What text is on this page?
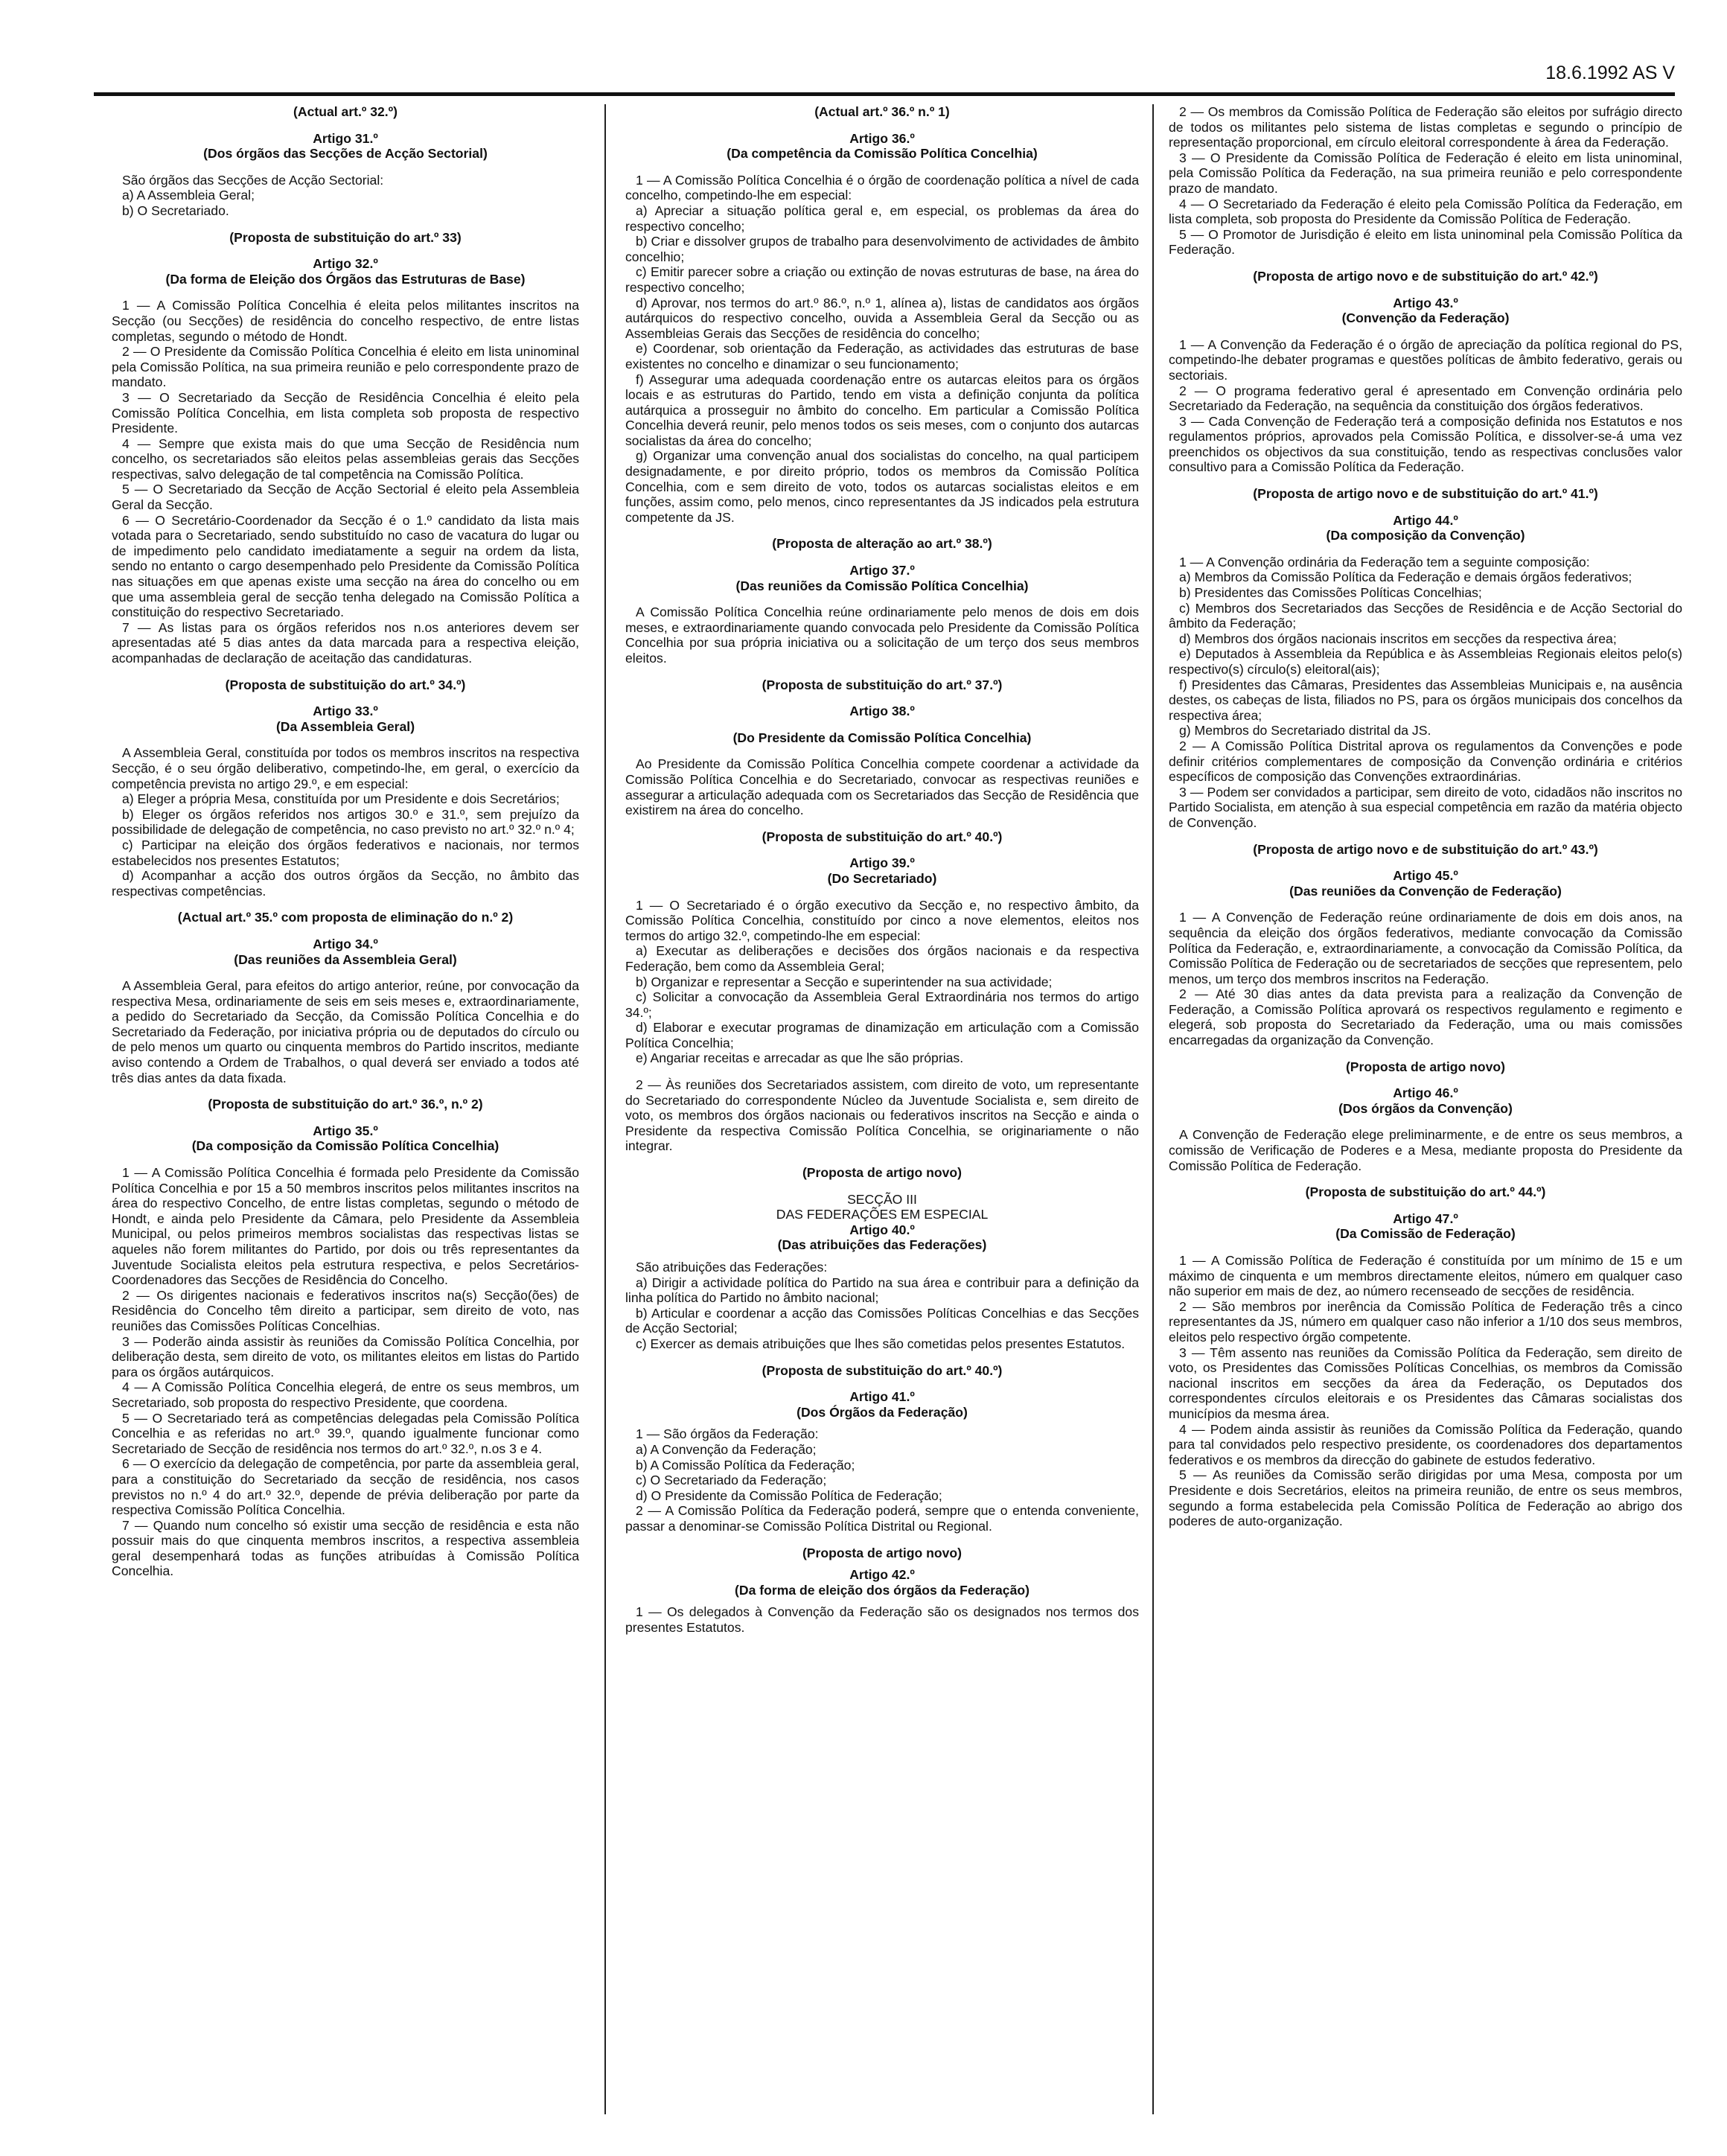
18.6.1992 AS V

(Actual art.º 32.º)

Artigo 31.º

(Dos órgãos das Secções de Acção Sectorial)

São órgãos das Secções de Acção Sectorial:

a) A Assembleia Geral;

b) O Secretariado.

(Proposta de substituição do art.º 33)

Artigo 32.º

(Da forma de Eleição dos Órgãos das Estruturas de Base)

1 — A Comissão Política Concelhia é eleita pelos militantes inscritos na Secção (ou Secções) de residência do concelho respectivo, de entre listas completas, segundo o método de Hondt.

2 — O Presidente da Comissão Política Concelhia é eleito em lista uninominal pela Comissão Política, na sua primeira reunião e pelo correspondente prazo de mandato.

3 — O Secretariado da Secção de Residência Concelhia é eleito pela Comissão Política Concelhia, em lista completa sob proposta de respectivo Presidente.

4 — Sempre que exista mais do que uma Secção de Residência num concelho, os secretariados são eleitos pelas assembleias gerais das Secções respectivas, salvo delegação de tal competência na Comissão Política.

5 — O Secretariado da Secção de Acção Sectorial é eleito pela Assembleia Geral da Secção.

6 — O Secretário-Coordenador da Secção é o 1.º candidato da lista mais votada para o Secretariado, sendo substituído no caso de vacatura do lugar ou de impedimento pelo candidato imediatamente a seguir na ordem da lista, sendo no entanto o cargo desempenhado pelo Presidente da Comissão Política nas situações em que apenas existe uma secção na área do concelho ou em que uma assembleia geral de secção tenha delegado na Comissão Política a constituição do respectivo Secretariado.

7 — As listas para os órgãos referidos nos n.os anteriores devem ser apresentadas até 5 dias antes da data marcada para a respectiva eleição, acompanhadas de declaração de aceitação das candidaturas.

(Proposta de substituição do art.º 34.º)

Artigo 33.º

(Da Assembleia Geral)

A Assembleia Geral, constituída por todos os membros inscritos na respectiva Secção, é o seu órgão deliberativo, competindo-lhe, em geral, o exercício da competência prevista no artigo 29.º, e em especial:

a) Eleger a própria Mesa, constituída por um Presidente e dois Secretários;

b) Eleger os órgãos referidos nos artigos 30.º e 31.º, sem prejuízo da possibilidade de delegação de competência, no caso previsto no art.º 32.º n.º 4;

c) Participar na eleição dos órgãos federativos e nacionais, nor termos estabelecidos nos presentes Estatutos;

d) Acompanhar a acção dos outros órgãos da Secção, no âmbito das respectivas competências.

(Actual art.º 35.º com proposta de eliminação do n.º 2)

Artigo 34.º

(Das reuniões da Assembleia Geral)

A Assembleia Geral, para efeitos do artigo anterior, reúne, por convocação da respectiva Mesa, ordinariamente de seis em seis meses e, extraordinariamente, a pedido do Secretariado da Secção, da Comissão Política Concelhia e do Secretariado da Federação, por iniciativa própria ou de deputados do círculo ou de pelo menos um quarto ou cinquenta membros do Partido inscritos, mediante aviso contendo a Ordem de Trabalhos, o qual deverá ser enviado a todos até três dias antes da data fixada.

(Proposta de substituição do art.º 36.º, n.º 2)

Artigo 35.º

(Da composição da Comissão Política Concelhia)

1 — A Comissão Política Concelhia é formada pelo Presidente da Comissão Política Concelhia e por 15 a 50 membros inscritos pelos militantes inscritos na área do respectivo Concelho, de entre listas completas, segundo o método de Hondt, e ainda pelo Presidente da Câmara, pelo Presidente da Assembleia Municipal, ou pelos primeiros membros socialistas das respectivas listas se aqueles não forem militantes do Partido, por dois ou três representantes da Juventude Socialista eleitos pela estrutura respectiva, e pelos Secretários-Coordenadores das Secções de Residência do Concelho.

2 — Os dirigentes nacionais e federativos inscritos na(s) Secção(ões) de Residência do Concelho têm direito a participar, sem direito de voto, nas reuniões das Comissões Políticas Concelhias.

3 — Poderão ainda assistir às reuniões da Comissão Política Concelhia, por deliberação desta, sem direito de voto, os militantes eleitos em listas do Partido para os órgãos autárquicos.

4 — A Comissão Política Concelhia elegerá, de entre os seus membros, um Secretariado, sob proposta do respectivo Presidente, que coordena.

5 — O Secretariado terá as competências delegadas pela Comissão Política Concelhia e as referidas no art.º 39.º, quando igualmente funcionar como Secretariado de Secção de residência nos termos do art.º 32.º, n.os 3 e 4.

6 — O exercício da delegação de competência, por parte da assembleia geral, para a constituição do Secretariado da secção de residência, nos casos previstos no n.º 4 do art.º 32.º, depende de prévia deliberação por parte da respectiva Comissão Política Concelhia.

7 — Quando num concelho só existir uma secção de residência e esta não possuir mais do que cinquenta membros inscritos, a respectiva assembleia geral desempenhará todas as funções atribuídas à Comissão Política Concelhia.

(Actual art.º 36.º n.º 1)

Artigo 36.º

(Da competência da Comissão Política Concelhia)

1 — A Comissão Política Concelhia é o órgão de coordenação política a nível de cada concelho, competindo-lhe em especial:

a) Apreciar a situação política geral e, em especial, os problemas da área do respectivo concelho;

b) Criar e dissolver grupos de trabalho para desenvolvimento de actividades de âmbito concelhio;

c) Emitir parecer sobre a criação ou extinção de novas estruturas de base, na área do respectivo concelho;

d) Aprovar, nos termos do art.º 86.º, n.º 1, alínea a), listas de candidatos aos órgãos autárquicos do respectivo concelho, ouvida a Assembleia Geral da Secção ou as Assembleias Gerais das Secções de residência do concelho;

e) Coordenar, sob orientação da Federação, as actividades das estruturas de base existentes no concelho e dinamizar o seu funcionamento;

f) Assegurar uma adequada coordenação entre os autarcas eleitos para os órgãos locais e as estruturas do Partido, tendo em vista a definição conjunta da política autárquica a prosseguir no âmbito do concelho. Em particular a Comissão Política Concelhia deverá reunir, pelo menos todos os seis meses, com o conjunto dos autarcas socialistas da área do concelho;

g) Organizar uma convenção anual dos socialistas do concelho, na qual participem designadamente, e por direito próprio, todos os membros da Comissão Política Concelhia, com e sem direito de voto, todos os autarcas socialistas eleitos e em funções, assim como, pelo menos, cinco representantes da JS indicados pela estrutura competente da JS.

(Proposta de alteração ao art.º 38.º)

Artigo 37.º

(Das reuniões da Comissão Política Concelhia)

A Comissão Política Concelhia reúne ordinariamente pelo menos de dois em dois meses, e extraordinariamente quando convocada pelo Presidente da Comissão Política Concelhia por sua própria iniciativa ou a solicitação de um terço dos seus membros eleitos.

(Proposta de substituição do art.º 37.º)

Artigo 38.º

(Do Presidente da Comissão Política Concelhia)

Ao Presidente da Comissão Política Concelhia compete coordenar a actividade da Comissão Política Concelhia e do Secretariado, convocar as respectivas reuniões e assegurar a articulação adequada com os Secretariados das Secção de Residência que existirem na área do concelho.

(Proposta de substituição do art.º 40.º)

Artigo 39.º

(Do Secretariado)

1 — O Secretariado é o órgão executivo da Secção e, no respectivo âmbito, da Comissão Política Concelhia, constituído por cinco a nove elementos, eleitos nos termos do artigo 32.º, competindo-lhe em especial:

a) Executar as deliberações e decisões dos órgãos nacionais e da respectiva Federação, bem como da Assembleia Geral;

b) Organizar e representar a Secção e superintender na sua actividade;

c) Solicitar a convocação da Assembleia Geral Extraordinária nos termos do artigo 34.º;

d) Elaborar e executar programas de dinamização em articulação com a Comissão Política Concelhia;

e) Angariar receitas e arrecadar as que lhe são próprias.

2 — Às reuniões dos Secretariados assistem, com direito de voto, um representante do Secretariado do correspondente Núcleo da Juventude Socialista e, sem direito de voto, os membros dos órgãos nacionais ou federativos inscritos na Secção e ainda o Presidente da respectiva Comissão Política Concelhia, se originariamente o não integrar.

(Proposta de artigo novo)

SECÇÃO III

DAS FEDERAÇÕES EM ESPECIAL

Artigo 40.º

(Das atribuições das Federações)

São atribuições das Federações:

a) Dirigir a actividade política do Partido na sua área e contribuir para a definição da linha política do Partido no âmbito nacional;

b) Articular e coordenar a acção das Comissões Políticas Concelhias e das Secções de Acção Sectorial;

c) Exercer as demais atribuições que lhes são cometidas pelos presentes Estatutos.

(Proposta de substituição do art.º 40.º)

Artigo 41.º

(Dos Órgãos da Federação)

1 — São órgãos da Federação:

a) A Convenção da Federação;

b) A Comissão Política da Federação;

c) O Secretariado da Federação;

d) O Presidente da Comissão Política de Federação;

2 — A Comissão Política da Federação poderá, sempre que o entenda conveniente, passar a denominar-se Comissão Política Distrital ou Regional.

(Proposta de artigo novo)

Artigo 42.º

(Da forma de eleição dos órgãos da Federação)

1 — Os delegados à Convenção da Federação são os designados nos termos dos presentes Estatutos.

2 — Os membros da Comissão Política de Federação são eleitos por sufrágio directo de todos os militantes pelo sistema de listas completas e segundo o princípio de representação proporcional, em círculo eleitoral correspondente à área da Federação.

3 — O Presidente da Comissão Política de Federação é eleito em lista uninominal, pela Comissão Política da Federação, na sua primeira reunião e pelo correspondente prazo de mandato.

4 — O Secretariado da Federação é eleito pela Comissão Política da Federação, em lista completa, sob proposta do Presidente da Comissão Política de Federação.

5 — O Promotor de Jurisdição é eleito em lista uninominal pela Comissão Política da Federação.

(Proposta de artigo novo e de substituição do art.º 42.º)

Artigo 43.º

(Convenção da Federação)

1 — A Convenção da Federação é o órgão de apreciação da política regional do PS, competindo-lhe debater programas e questões políticas de âmbito federativo, gerais ou sectoriais.

2 — O programa federativo geral é apresentado em Convenção ordinária pelo Secretariado da Federação, na sequência da constituição dos órgãos federativos.

3 — Cada Convenção de Federação terá a composição definida nos Estatutos e nos regulamentos próprios, aprovados pela Comissão Política, e dissolver-se-á uma vez preenchidos os objectivos da sua constituição, tendo as respectivas conclusões valor consultivo para a Comissão Política da Federação.

(Proposta de artigo novo e de substituição do art.º 41.º)

Artigo 44.º

(Da composição da Convenção)

1 — A Convenção ordinária da Federação tem a seguinte composição:

a) Membros da Comissão Política da Federação e demais órgãos federativos;

b) Presidentes das Comissões Políticas Concelhias;

c) Membros dos Secretariados das Secções de Residência e de Acção Sectorial do âmbito da Federação;

d) Membros dos órgãos nacionais inscritos em secções da respectiva área;

e) Deputados à Assembleia da República e às Assembleias Regionais eleitos pelo(s) respectivo(s) círculo(s) eleitoral(ais);

f) Presidentes das Câmaras, Presidentes das Assembleias Municipais e, na ausência destes, os cabeças de lista, filiados no PS, para os órgãos municipais dos concelhos da respectiva área;

g) Membros do Secretariado distrital da JS.

2 — A Comissão Política Distrital aprova os regulamentos da Convenções e pode definir critérios complementares de composição da Convenção ordinária e critérios específicos de composição das Convenções extraordinárias.

3 — Podem ser convidados a participar, sem direito de voto, cidadãos não inscritos no Partido Socialista, em atenção à sua especial competência em razão da matéria objecto de Convenção.

(Proposta de artigo novo e de substituição do art.º 43.º)

Artigo 45.º

(Das reuniões da Convenção de Federação)

1 — A Convenção de Federação reúne ordinariamente de dois em dois anos, na sequência da eleição dos órgãos federativos, mediante convocação da Comissão Política da Federação, e, extraordinariamente, a convocação da Comissão Política, da Comissão Política de Federação ou de secretariados de secções que representem, pelo menos, um terço dos membros inscritos na Federação.

2 — Até 30 dias antes da data prevista para a realização da Convenção de Federação, a Comissão Política aprovará os respectivos regulamento e regimento e elegerá, sob proposta do Secretariado da Federação, uma ou mais comissões encarregadas da organização da Convenção.

(Proposta de artigo novo)

Artigo 46.º

(Dos órgãos da Convenção)

A Convenção de Federação elege preliminarmente, e de entre os seus membros, a comissão de Verificação de Poderes e a Mesa, mediante proposta do Presidente da Comissão Política de Federação.

(Proposta de substituição do art.º 44.º)

Artigo 47.º

(Da Comissão de Federação)

1 — A Comissão Política de Federação é constituída por um mínimo de 15 e um máximo de cinquenta e um membros directamente eleitos, número em qualquer caso não superior em mais de dez, ao número recenseado de secções de residência.

2 — São membros por inerência da Comissão Política de Federação três a cinco representantes da JS, número em qualquer caso não inferior a 1/10 dos seus membros, eleitos pelo respectivo órgão competente.

3 — Têm assento nas reuniões da Comissão Política da Federação, sem direito de voto, os Presidentes das Comissões Políticas Concelhias, os membros da Comissão nacional inscritos em secções da área da Federação, os Deputados dos correspondentes círculos eleitorais e os Presidentes das Câmaras socialistas dos municípios da mesma área.

4 — Podem ainda assistir às reuniões da Comissão Política da Federação, quando para tal convidados pelo respectivo presidente, os coordenadores dos departamentos federativos e os membros da direcção do gabinete de estudos federativo.

5 — As reuniões da Comissão serão dirigidas por uma Mesa, composta por um Presidente e dois Secretários, eleitos na primeira reunião, de entre os seus membros, segundo a forma estabelecida pela Comissão Política de Federação ao abrigo dos poderes de auto-organização.
